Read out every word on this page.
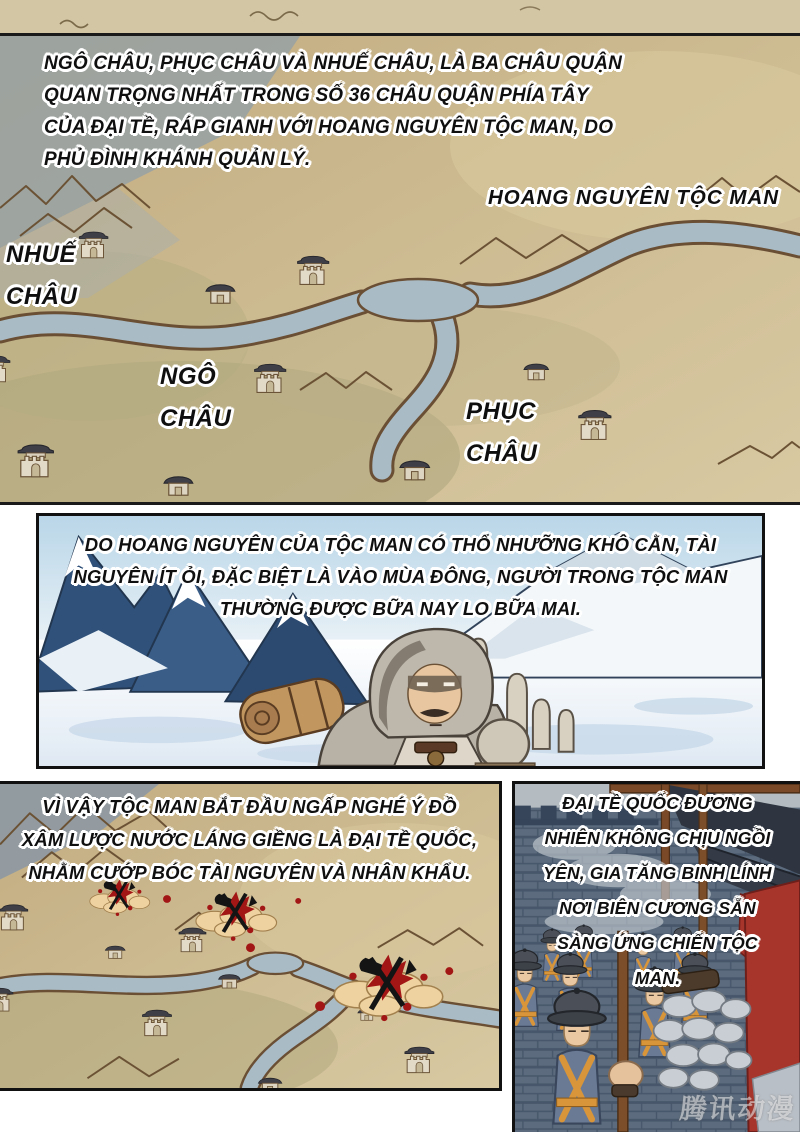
NGÔ CHÂU, PHỤC CHÂU VÀ NHUẾ CHÂU, LÀ BA CHÂU QUẬN
QUAN TRỌNG NHẤT TRONG SỐ 36 CHÂU QUẬN PHÍA TÂY
CỦA ĐẠI TỀ, RÁP GIANH VỚI HOANG NGUYÊN TỘC MAN, DO
PHỦ ĐÌNH KHÁNH QUẢN LÝ.
HOANG NGUYÊN TỘC MAN
NHUẾ
CHÂU
NGÔ
CHÂU	PHỤC
CHÂU
DO HOANG NGUYÊN CỦA TỘC MAN CÓ THỔ NHƯỠNG KHÔ CẰN, TÀI
NGUYÊN ÍT ỎI, ĐẶC BIỆT LÀ VÀO MÙA ĐÔNG, NGƯỜI TRONG TỘC MAN
THƯỜNG ĐƯỢC BỮA NAY LO BỮA MAI.
VÌ VẬY TỘC MAN BẮT ĐẦU NGẤP NGHÉ Ý ĐỒ
XÂM LƯỢC NƯỚC LÁNG GIỀNG LÀ ĐẠI TỀ QUỐC,
NHẰM CƯỚP BÓC TÀI NGUYÊN VÀ NHÂN KHẨU.
ĐẠI TỀ QUỐC ĐƯƠNG
NHIÊN KHÔNG CHỊU NGỒI
YÊN, GIA TĂNG BINH LÍNH
NƠI BIÊN CƯƠNG SẴN
SÀNG ỨNG CHIẾN TỘC
MAN.
腾讯动漫
